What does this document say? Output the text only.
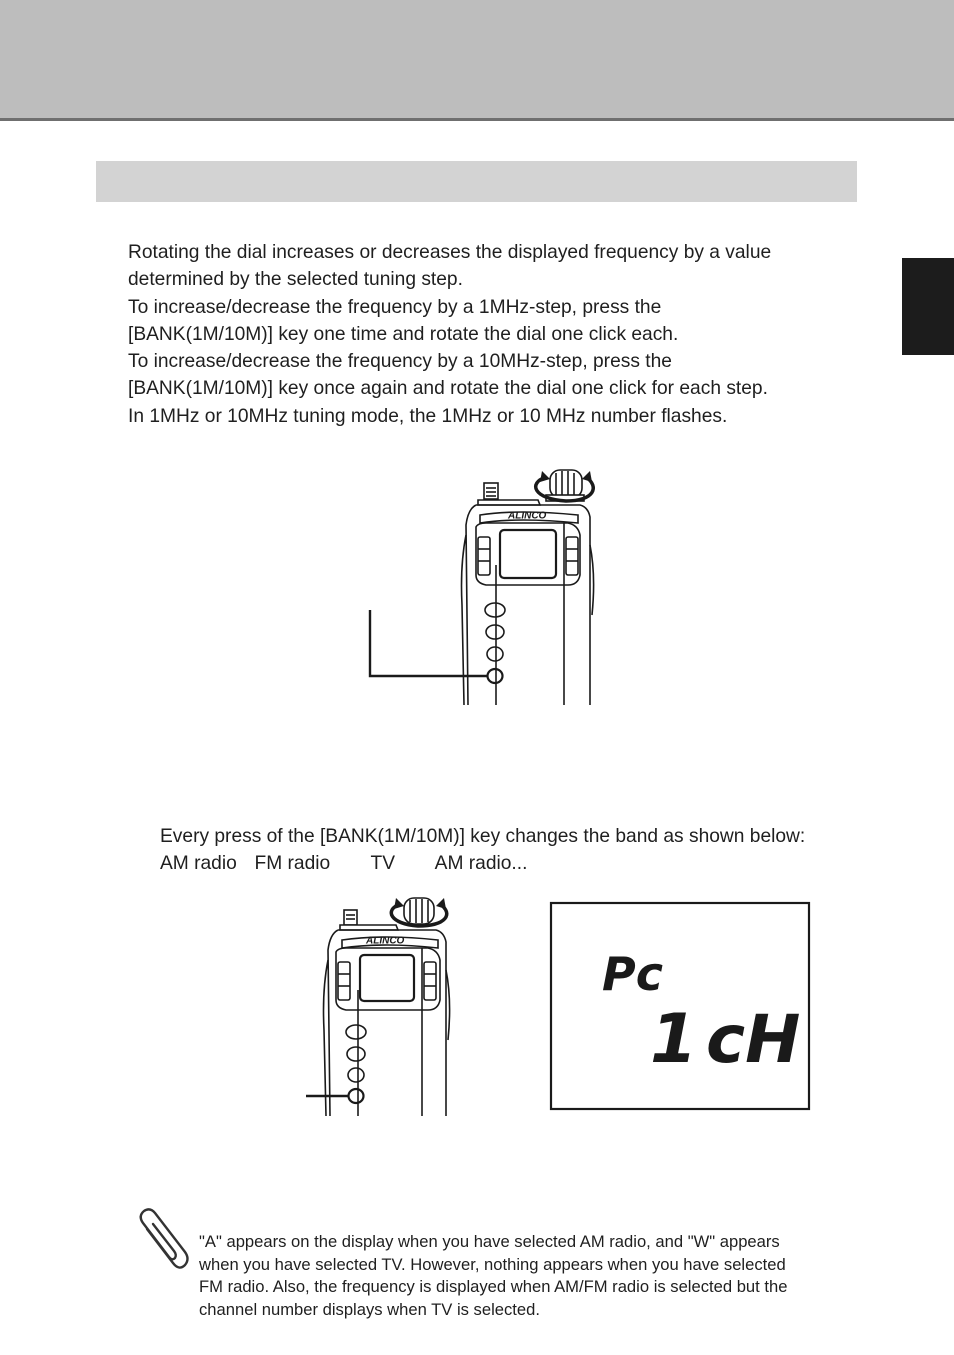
Rotating the dial increases or decreases the displayed frequency by a value
determined by the selected tuning step.
To increase/decrease the frequency by a 1MHz-step, press the
[BANK(1M/10M)] key one time and rotate the dial one click each.
To increase/decrease the frequency by a 10MHz-step, press the
[BANK(1M/10M)] key once again and rotate the dial one click for each step.
In 1MHz or 10MHz tuning mode, the 1MHz or 10 MHz number flashes.
ALINCO
Every press of the [BANK(1M/10M)] key changes the band as shown below:
AM radio FM radio TV AM radio...
ALINCO
Pc
1 cH
"A" appears on the display when you have selected AM radio, and "W" appears
when you have selected TV. However, nothing appears when you have selected
FM radio. Also, the frequency is displayed when AM/FM radio is selected but the
channel number displays when TV is selected.
